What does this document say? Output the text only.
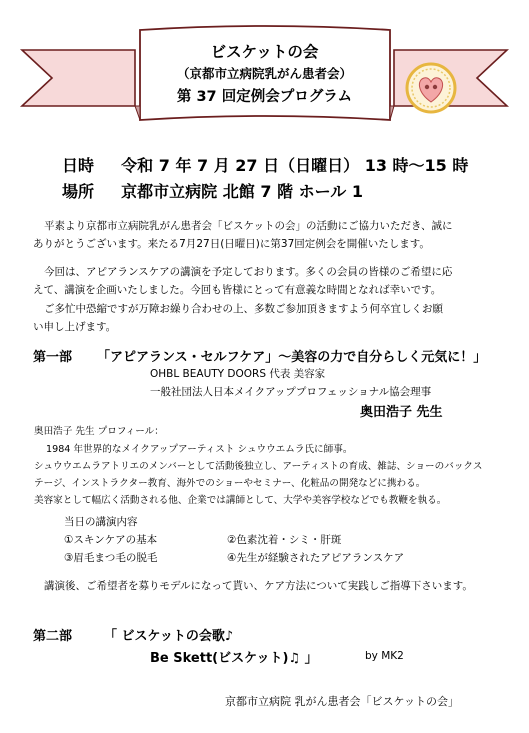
ビスケットの会
（京都市立病院乳がん患者会）
第 37 回定例会プログラム
日時 令和 7 年 7 月 27 日（日曜日） 13 時～15 時
場所 京都市立病院 北館 7 階 ホール 1
平素より京都市立病院乳がん患者会「ビスケットの会」の活動にご協力いただき、誠に
ありがとうございます。来たる7月27日(日曜日)に第37回定例会を開催いたします。
今回は、アピアランスケアの講演を予定しております。多くの会員の皆様のご希望に応
えて、講演を企画いたしました。今回も皆様にとって有意義な時間となれば幸いです。
ご多忙中恐縮ですが万障お繰り合わせの上、多数ご参加頂きますよう何卒宜しくお願
い申し上げます。
第一部 「アピアランス・セルフケア」～美容の力で自分らしく元気に！」
OHBL BEAUTY DOORS 代表 美容家
一般社団法人日本メイクアッププロフェッショナル協会理事
奥田浩子 先生
奥田浩子 先生 プロフィール：
1984 年世界的なメイクアップアーティスト シュウウエムラ氏に師事。
シュウウエムラアトリエのメンバーとして活動後独立し、アーティストの育成、雑誌、ショーのバックス
テージ、インストラクター教育、海外でのショーやセミナー、化粧品の開発などに携わる。
美容家として幅広く活動される他、企業では講師として、大学や美容学校などでも教鞭を執る。
当日の講演内容
①スキンケアの基本	②色素沈着・シミ・肝斑
③眉毛まつ毛の脱毛	④先生が経験されたアピアランスケア
講演後、ご希望者を募りモデルになって貰い、ケア方法について実践しご指導下さいます。
第二部 「 ビスケットの会歌♪
Be Skett(ビスケット)♫ 」	by MK2
京都市立病院 乳がん患者会「ビスケットの会」
